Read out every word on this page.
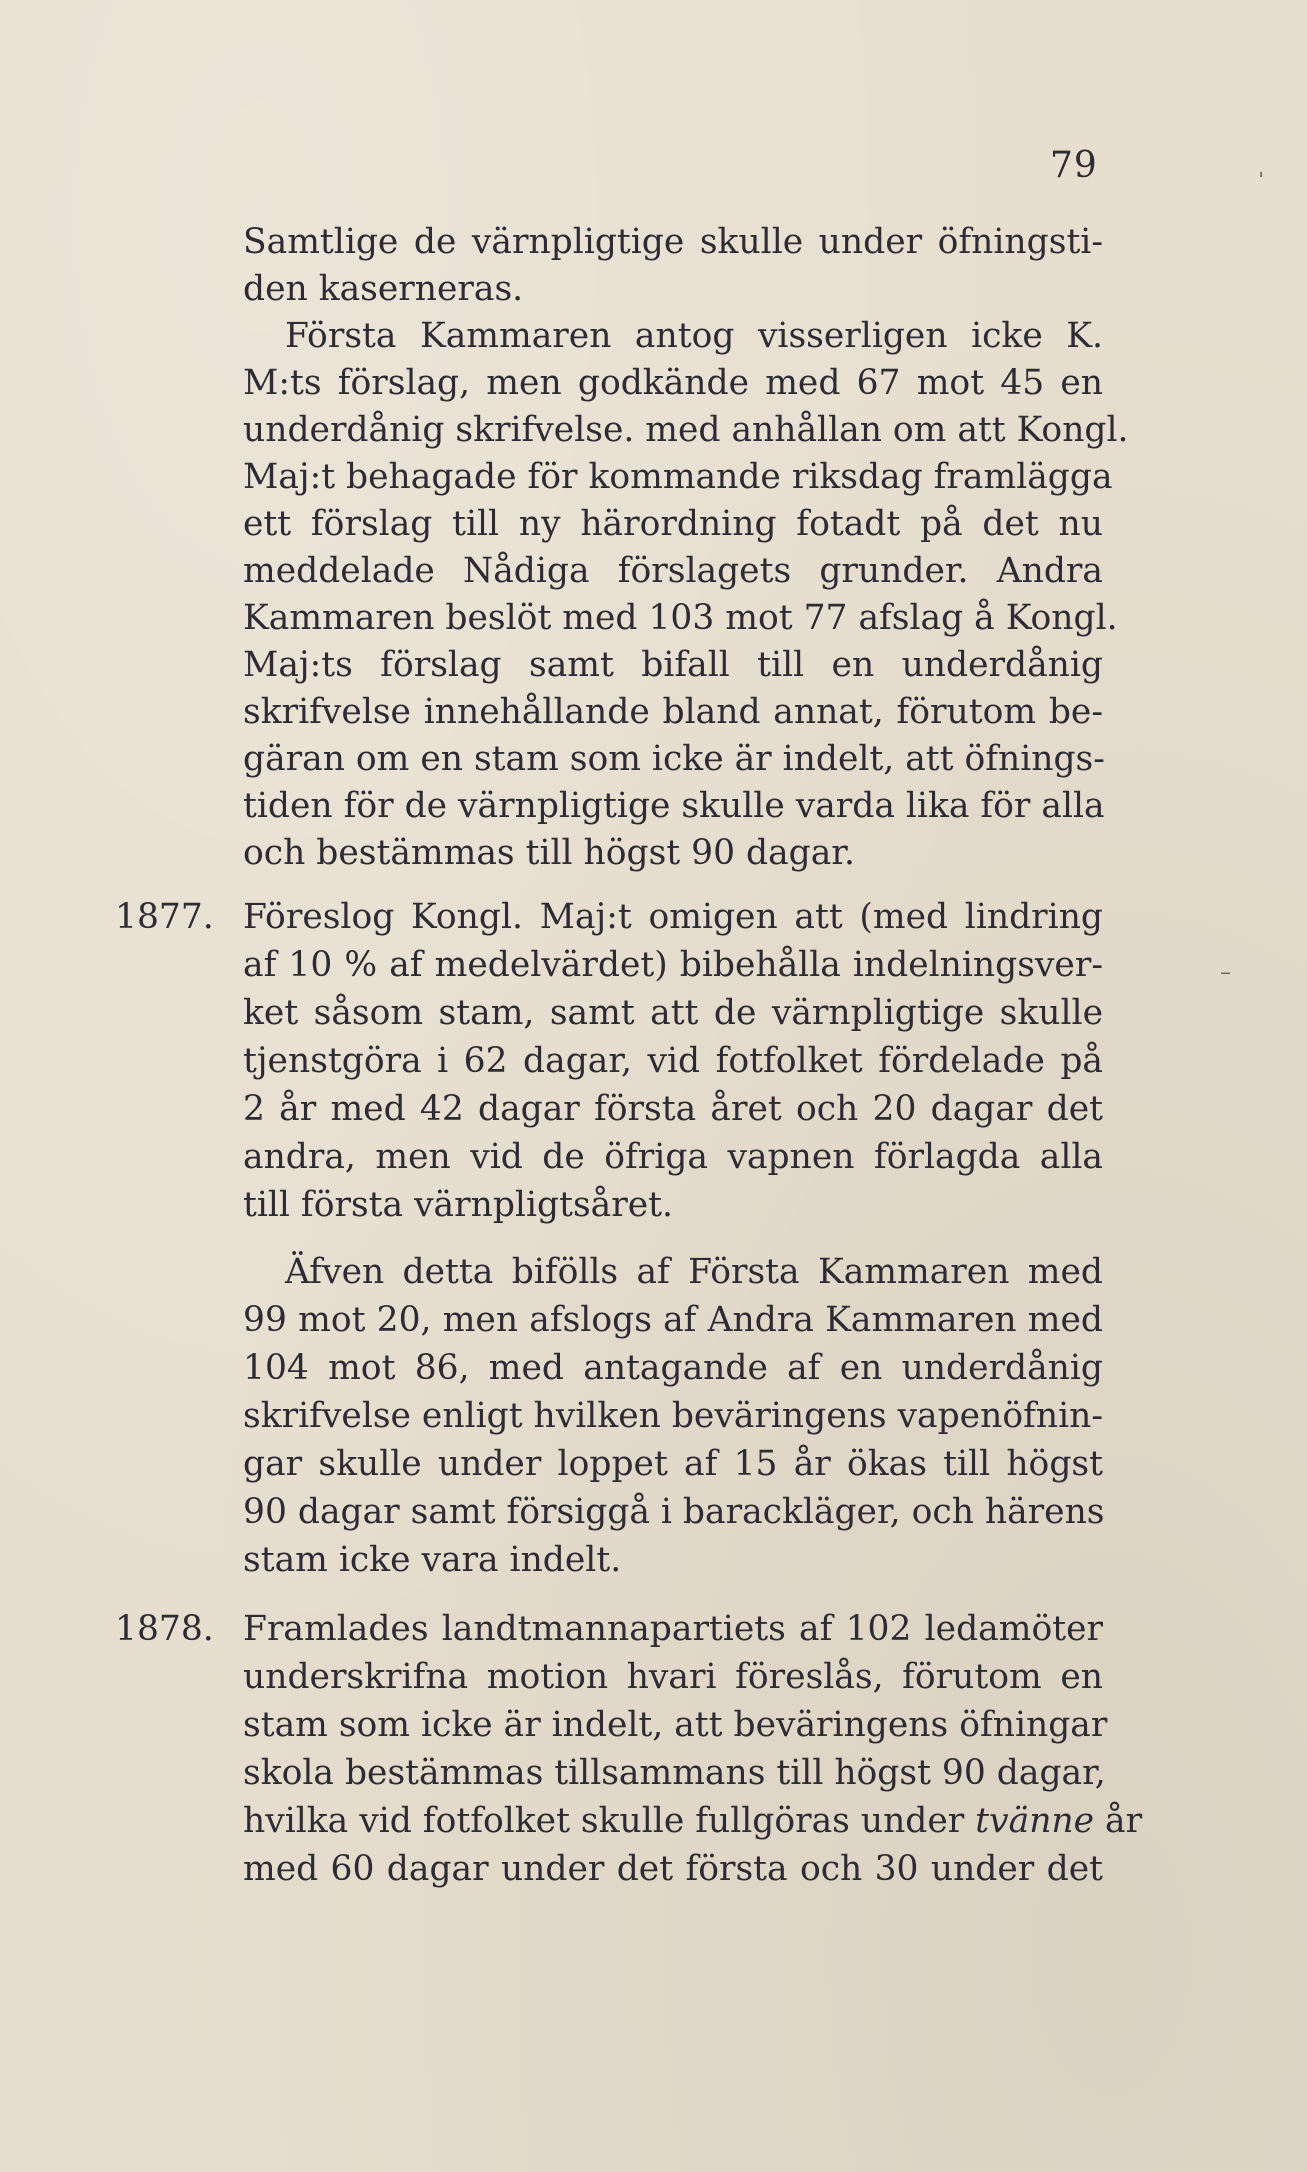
79
Samtlige de värnpligtige skulle under öfningsti-
den kaserneras.
Första Kammaren antog visserligen icke K.
M:ts förslag, men godkände med 67 mot 45 en
underdånig skrifvelse. med anhållan om att Kongl.
Maj:t behagade för kommande riksdag framlägga
ett förslag till ny härordning fotadt på det nu
meddelade Nådiga förslagets grunder. Andra
Kammaren beslöt med 103 mot 77 afslag å Kongl.
Maj:ts förslag samt bifall till en underdånig
skrifvelse innehållande bland annat, förutom be-
gäran om en stam som icke är indelt, att öfnings-
tiden för de värnpligtige skulle varda lika för alla
och bestämmas till högst 90 dagar.
1877. Föreslog Kongl. Maj:t omigen att (med lindring
af 10 % af medelvärdet) bibehålla indelningsver-
ket såsom stam, samt att de värnpligtige skulle
tjenstgöra i 62 dagar, vid fotfolket fördelade på
2 år med 42 dagar första året och 20 dagar det
andra, men vid de öfriga vapnen förlagda alla
till första värnpligtsåret.
Äfven detta bifölls af Första Kammaren med
99 mot 20, men afslogs af Andra Kammaren med
104 mot 86, med antagande af en underdånig
skrifvelse enligt hvilken beväringens vapenöfnin-
gar skulle under loppet af 15 år ökas till högst
90 dagar samt försiggå i barackläger, och härens
stam icke vara indelt.
1878. Framlades landtmannapartiets af 102 ledamöter
underskrifna motion hvari föreslås, förutom en
stam som icke är indelt, att beväringens öfningar
skola bestämmas tillsammans till högst 90 dagar,
hvilka vid fotfolket skulle fullgöras under tvänne år
med 60 dagar under det första och 30 under det
ˈ
–
